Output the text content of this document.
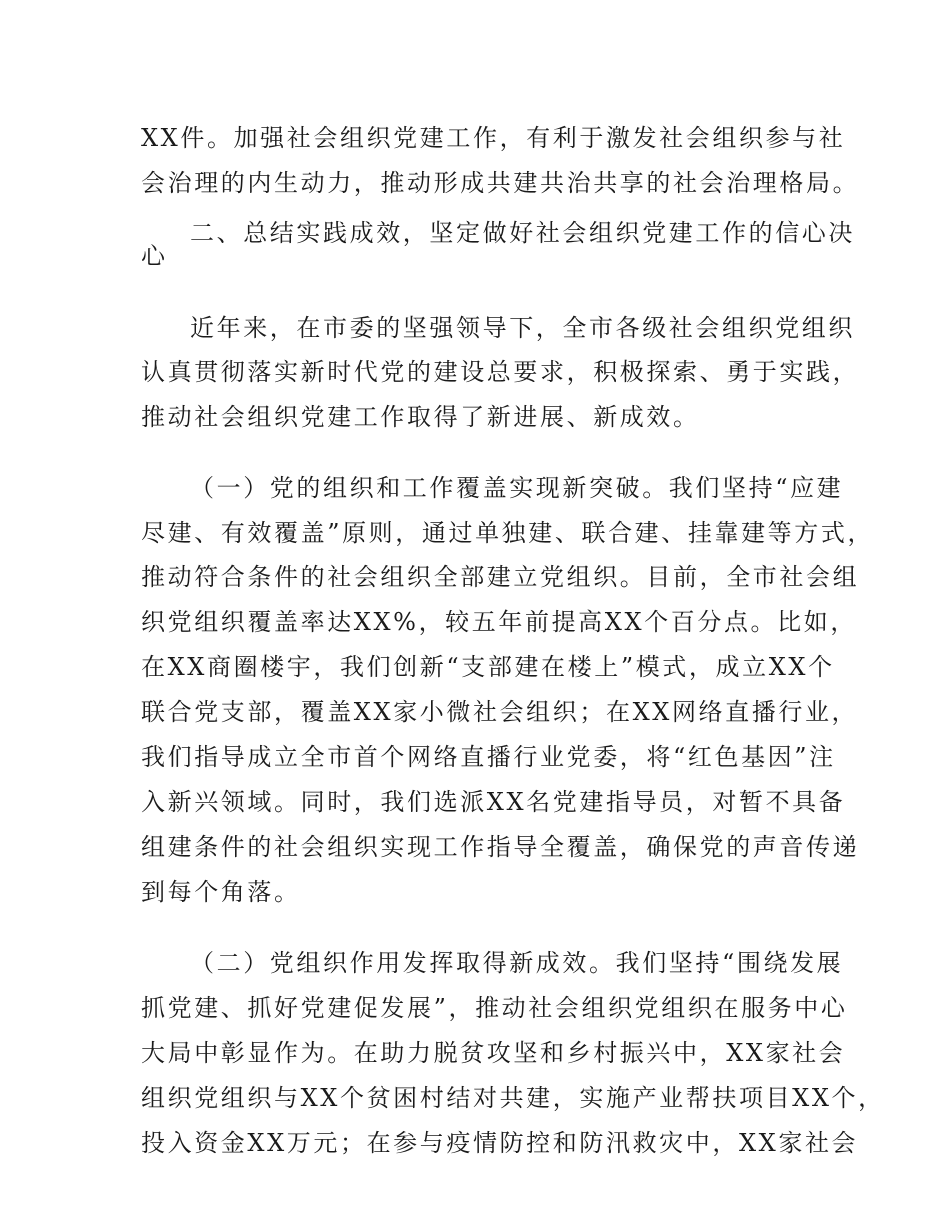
XX件。加强社会组织党建工作，有利于激发社会组织参与社
会治理的内生动力，推动形成共建共治共享的社会治理格局。
二、总结实践成效，坚定做好社会组织党建工作的信心决
心
近年来，在市委的坚强领导下，全市各级社会组织党组织
认真贯彻落实新时代党的建设总要求，积极探索、勇于实践，
推动社会组织党建工作取得了新进展、新成效。
（一）党的组织和工作覆盖实现新突破。我们坚持“应建
尽建、有效覆盖”原则，通过单独建、联合建、挂靠建等方式，
推动符合条件的社会组织全部建立党组织。目前，全市社会组
织党组织覆盖率达XX%，较五年前提高XX个百分点。比如，
在XX商圈楼宇，我们创新“支部建在楼上”模式，成立XX个
联合党支部，覆盖XX家小微社会组织；在XX网络直播行业，
我们指导成立全市首个网络直播行业党委，将“红色基因”注
入新兴领域。同时，我们选派XX名党建指导员，对暂不具备
组建条件的社会组织实现工作指导全覆盖，确保党的声音传递
到每个角落。
（二）党组织作用发挥取得新成效。我们坚持“围绕发展
抓党建、抓好党建促发展”，推动社会组织党组织在服务中心
大局中彰显作为。在助力脱贫攻坚和乡村振兴中，XX家社会
组织党组织与XX个贫困村结对共建，实施产业帮扶项目XX个，
投入资金XX万元；在参与疫情防控和防汛救灾中，XX家社会
